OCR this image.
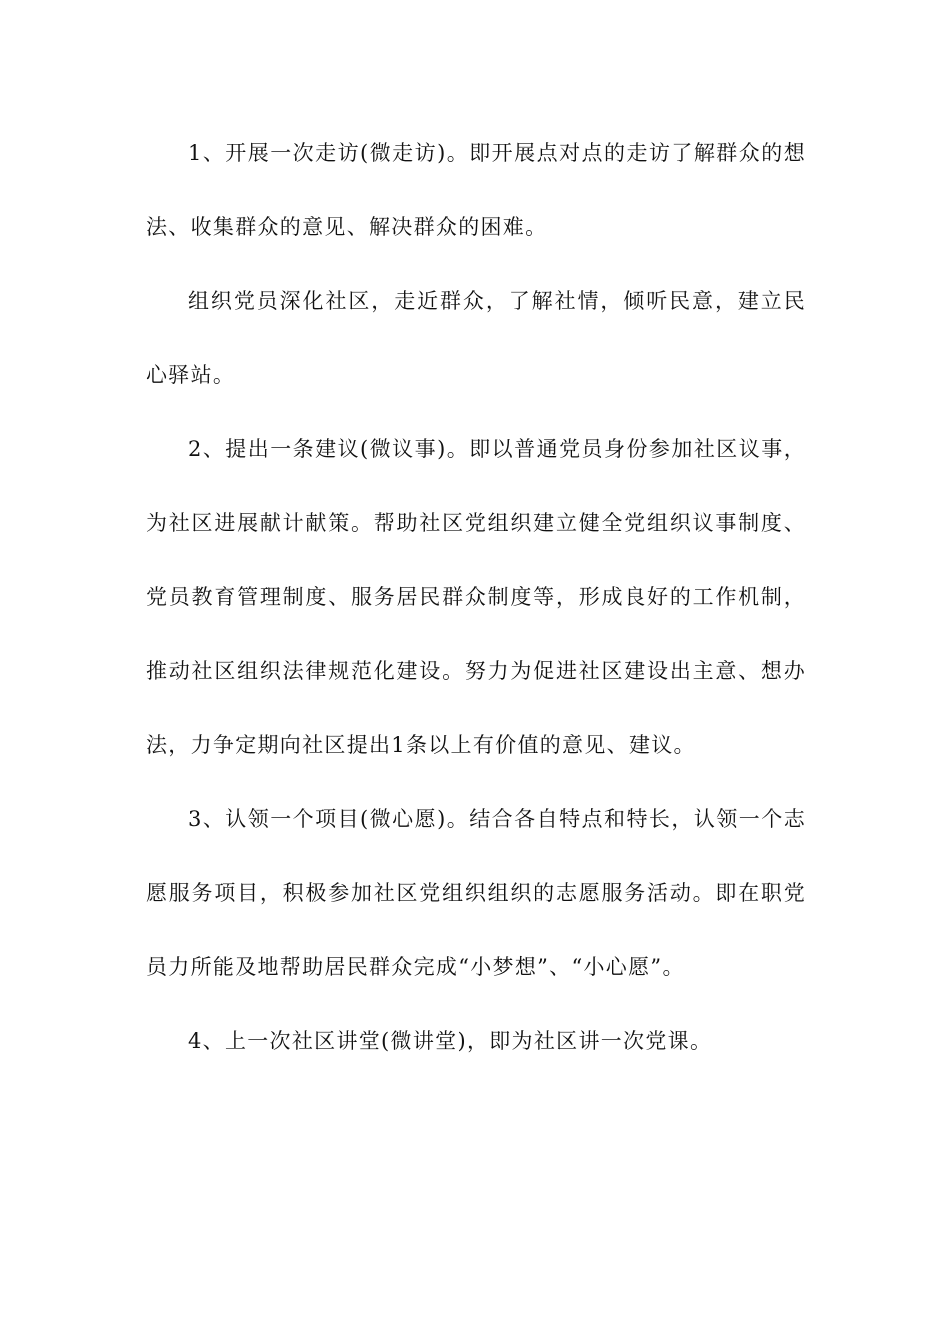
1、开展一次走访(微走访)。即开展点对点的走访了解群众的想法、收集群众的意见、解决群众的困难。

组织党员深化社区，走近群众，了解社情，倾听民意，建立民心驿站。

2、提出一条建议(微议事)。即以普通党员身份参加社区议事，为社区进展献计献策。帮助社区党组织建立健全党组织议事制度、党员教育管理制度、服务居民群众制度等，形成良好的工作机制，推动社区组织法律规范化建设。努力为促进社区建设出主意、想办法，力争定期向社区提出1条以上有价值的意见、建议。

3、认领一个项目(微心愿)。结合各自特点和特长，认领一个志愿服务项目，积极参加社区党组织组织的志愿服务活动。即在职党员力所能及地帮助居民群众完成“小梦想”、“小心愿”。

4、上一次社区讲堂(微讲堂)，即为社区讲一次党课。
